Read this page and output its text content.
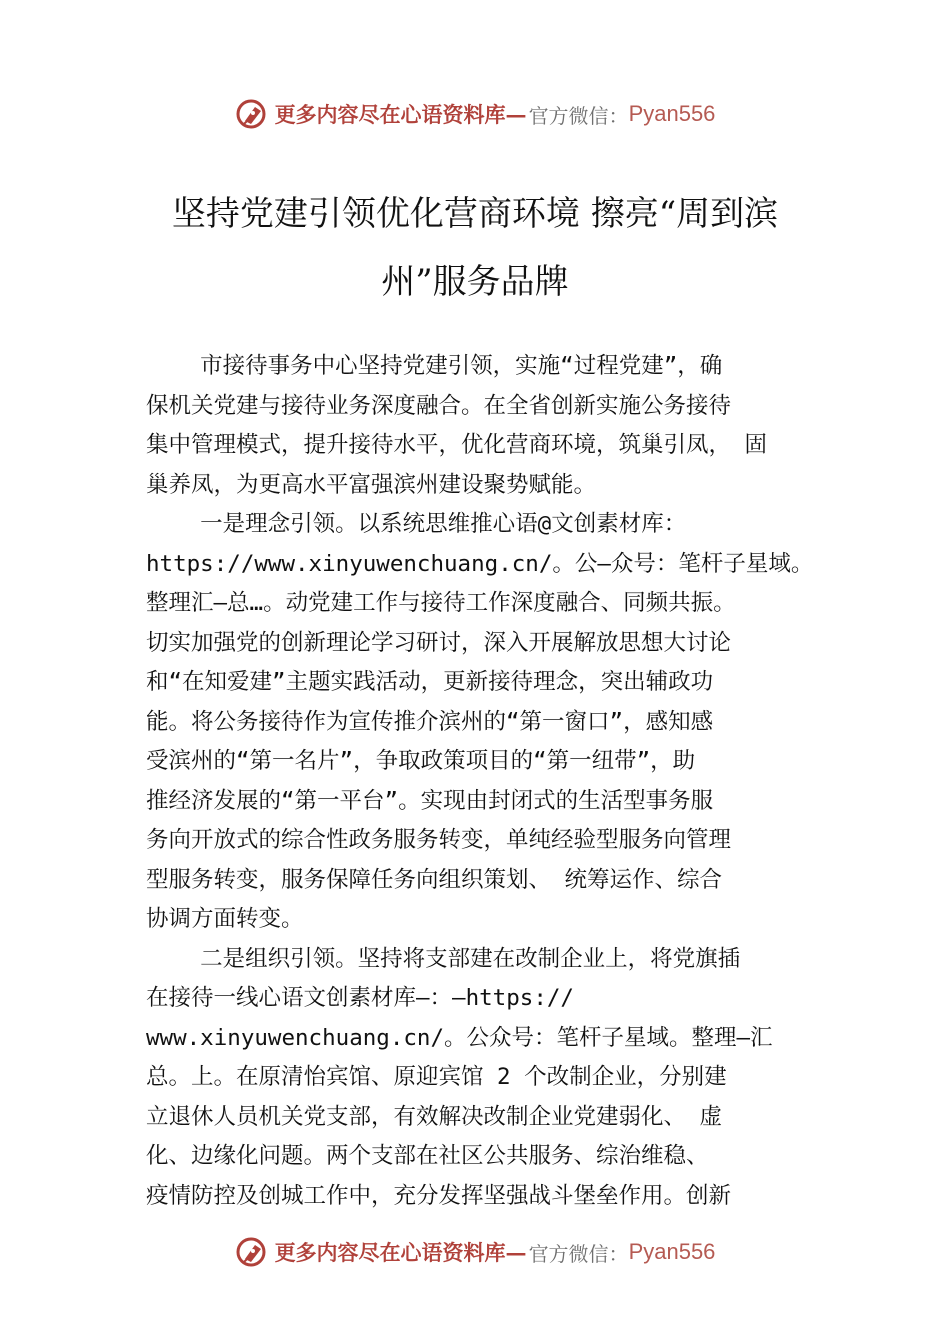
更多内容尽在心语资料库— 官方微信： Pyan556
坚持党建引领优化营商环境 擦亮“周到滨
州”服务品牌
市接待事务中心坚持党建引领，实施“过程党建”，确
保机关党建与接待业务深度融合。在全省创新实施公务接待
集中管理模式，提升接待水平，优化营商环境，筑巢引凤， 固
巢养凤，为更高水平富强滨州建设聚势赋能。
一是理念引领。以系统思维推心语@文创素材库：
https://www.xinyuwenchuang.cn/。公—众号：笔杆子星域。
整理汇—总…。动党建工作与接待工作深度融合、同频共振。
切实加强党的创新理论学习研讨，深入开展解放思想大讨论
和“在知爱建”主题实践活动，更新接待理念，突出辅政功
能。将公务接待作为宣传推介滨州的“第一窗口”，感知感
受滨州的“第一名片”，争取政策项目的“第一纽带”，助
推经济发展的“第一平台”。实现由封闭式的生活型事务服
务向开放式的综合性政务服务转变，单纯经验型服务向管理
型服务转变，服务保障任务向组织策划、 统筹运作、综合
协调方面转变。
二是组织引领。坚持将支部建在改制企业上，将党旗插
在接待一线心语文创素材库—：—https://
www.xinyuwenchuang.cn/。公众号：笔杆子星域。整理—汇
总。上。在原清怡宾馆、原迎宾馆 2 个改制企业，分别建
立退休人员机关党支部，有效解决改制企业党建弱化、 虚
化、边缘化问题。两个支部在社区公共服务、综治维稳、
疫情防控及创城工作中，充分发挥坚强战斗堡垒作用。创新
更多内容尽在心语资料库— 官方微信： Pyan556
